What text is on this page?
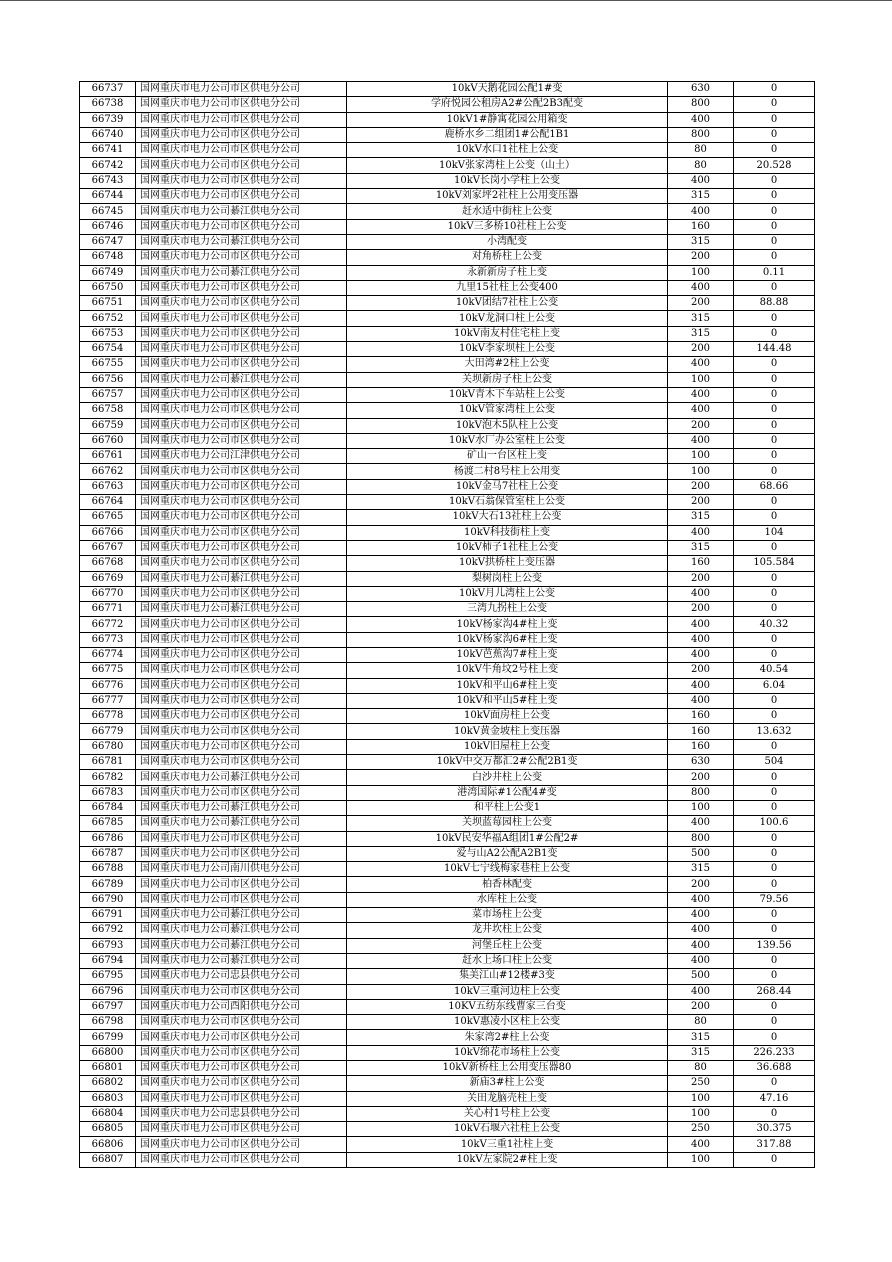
66737	国网重庆市电力公司市区供电分公司	10kV天鹅花园公配1#变	630	0
66738	国网重庆市电力公司市区供电分公司	学府悦园公租房A2#公配2B3配变	800	0
66739	国网重庆市电力公司市区供电分公司	10kV1#静寓花园公用箱变	400	0
66740	国网重庆市电力公司市区供电分公司	鹿桥水乡二组团1#公配1B1	800	0
66741	国网重庆市电力公司市区供电分公司	10kV水口1社柱上公变	80	0
66742	国网重庆市电力公司市区供电分公司	10kV张家湾柱上公变（山土）	80	20.528
66743	国网重庆市电力公司市区供电分公司	10kV长岗小学柱上公变	400	0
66744	国网重庆市电力公司市区供电分公司	10kV刘家坪2社柱上公用变压器	315	0
66745	国网重庆市电力公司綦江供电分公司	赶水适中街柱上公变	400	0
66746	国网重庆市电力公司市区供电分公司	10kV三多桥10社柱上公变	160	0
66747	国网重庆市电力公司綦江供电分公司	小湾配变	315	0
66748	国网重庆市电力公司市区供电分公司	对角桥柱上公变	200	0
66749	国网重庆市电力公司綦江供电分公司	永新新房子柱上变	100	0.11
66750	国网重庆市电力公司市区供电分公司	九里15社柱上公变400	400	0
66751	国网重庆市电力公司市区供电分公司	10kV团结7社柱上公变	200	88.88
66752	国网重庆市电力公司市区供电分公司	10kV龙洞口柱上公变	315	0
66753	国网重庆市电力公司市区供电分公司	10kV南友村住宅柱上变	315	0
66754	国网重庆市电力公司市区供电分公司	10kV李家坝柱上公变	200	144.48
66755	国网重庆市电力公司市区供电分公司	大田湾#2柱上公变	400	0
66756	国网重庆市电力公司綦江供电分公司	关坝新房子柱上公变	100	0
66757	国网重庆市电力公司市区供电分公司	10kV青木下车站柱上公变	400	0
66758	国网重庆市电力公司市区供电分公司	10kV管家湾柱上公变	400	0
66759	国网重庆市电力公司市区供电分公司	10kV泡木5队柱上公变	200	0
66760	国网重庆市电力公司市区供电分公司	10kV水厂办公室柱上公变	400	0
66761	国网重庆市电力公司江津供电分公司	矿山一台区柱上变	100	0
66762	国网重庆市电力公司市区供电分公司	杨渡二村8号柱上公用变	100	0
66763	国网重庆市电力公司市区供电分公司	10kV金马7社柱上公变	200	68.66
66764	国网重庆市电力公司市区供电分公司	10kV石翁保管室柱上公变	200	0
66765	国网重庆市电力公司市区供电分公司	10kV大石13社柱上公变	315	0
66766	国网重庆市电力公司市区供电分公司	10kV科技街柱上变	400	104
66767	国网重庆市电力公司市区供电分公司	10kV柿子1社柱上公变	315	0
66768	国网重庆市电力公司市区供电分公司	10kV拱桥柱上变压器	160	105.584
66769	国网重庆市电力公司綦江供电分公司	梨树岗柱上公变	200	0
66770	国网重庆市电力公司市区供电分公司	10kV月儿湾柱上公变	400	0
66771	国网重庆市电力公司綦江供电分公司	三湾九拐柱上公变	200	0
66772	国网重庆市电力公司市区供电分公司	10kV杨家沟4#柱上变	400	40.32
66773	国网重庆市电力公司市区供电分公司	10kV杨家沟6#柱上变	400	0
66774	国网重庆市电力公司市区供电分公司	10kV芭蕉沟7#柱上变	400	0
66775	国网重庆市电力公司市区供电分公司	10kV牛角坟2号柱上变	200	40.54
66776	国网重庆市电力公司市区供电分公司	10kV和平山6#柱上变	400	6.04
66777	国网重庆市电力公司市区供电分公司	10kV和平山5#柱上变	400	0
66778	国网重庆市电力公司市区供电分公司	10kV面房柱上公变	160	0
66779	国网重庆市电力公司市区供电分公司	10kV黄金坡柱上变压器	160	13.632
66780	国网重庆市电力公司市区供电分公司	10kV旧屋柱上公变	160	0
66781	国网重庆市电力公司市区供电分公司	10kV中交万都汇2#公配2B1变	630	504
66782	国网重庆市电力公司綦江供电分公司	白沙井柱上公变	200	0
66783	国网重庆市电力公司市区供电分公司	港湾国际#1公配4#变	800	0
66784	国网重庆市电力公司綦江供电分公司	和平柱上公变1	100	0
66785	国网重庆市电力公司綦江供电分公司	关坝蓝莓园柱上公变	400	100.6
66786	国网重庆市电力公司市区供电分公司	10kV民安华福A组团1#公配2#	800	0
66787	国网重庆市电力公司市区供电分公司	爱与山A2公配A2B1变	500	0
66788	国网重庆市电力公司南川供电分公司	10kV七宁线梅家巷柱上公变	315	0
66789	国网重庆市电力公司市区供电分公司	柏香林配变	200	0
66790	国网重庆市电力公司市区供电分公司	水库柱上公变	400	79.56
66791	国网重庆市电力公司綦江供电分公司	菜市场柱上公变	400	0
66792	国网重庆市电力公司綦江供电分公司	龙井坎柱上公变	400	0
66793	国网重庆市电力公司綦江供电分公司	河堡丘柱上公变	400	139.56
66794	国网重庆市电力公司綦江供电分公司	赶水上场口柱上公变	400	0
66795	国网重庆市电力公司忠县供电分公司	集美江山#12楼#3变	500	0
66796	国网重庆市电力公司市区供电分公司	10kV三重河边柱上公变	400	268.44
66797	国网重庆市电力公司酉阳供电分公司	10KV五纺东线曹家三台变	200	0
66798	国网重庆市电力公司市区供电分公司	10kV惠凌小区柱上公变	80	0
66799	国网重庆市电力公司市区供电分公司	朱家湾2#柱上公变	315	0
66800	国网重庆市电力公司市区供电分公司	10kV绵花市场柱上公变	315	226.233
66801	国网重庆市电力公司市区供电分公司	10kV新桥柱上公用变压器80	80	36.688
66802	国网重庆市电力公司市区供电分公司	新庙3#柱上公变	250	0
66803	国网重庆市电力公司市区供电分公司	关田龙脑壳柱上变	100	47.16
66804	国网重庆市电力公司忠县供电分公司	关心村1号柱上公变	100	0
66805	国网重庆市电力公司市区供电分公司	10kV石堰六社柱上公变	250	30.375
66806	国网重庆市电力公司市区供电分公司	10kV三重1社柱上变	400	317.88
66807	国网重庆市电力公司市区供电分公司	10kV左家院2#柱上变	100	0
